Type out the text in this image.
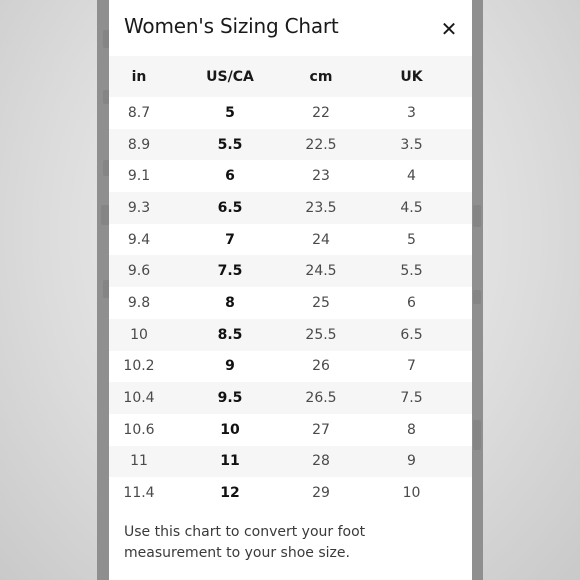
Women's Sizing Chart	✕
in	US/CA	cm	UK
8.7	5	22	3
8.9	5.5	22.5	3.5
9.1	6	23	4
9.3	6.5	23.5	4.5
9.4	7	24	5
9.6	7.5	24.5	5.5
9.8	8	25	6
10	8.5	25.5	6.5
10.2	9	26	7
10.4	9.5	26.5	7.5
10.6	10	27	8
11	11	28	9
11.4	12	29	10
Use this chart to convert your foot measurement to your shoe size.
